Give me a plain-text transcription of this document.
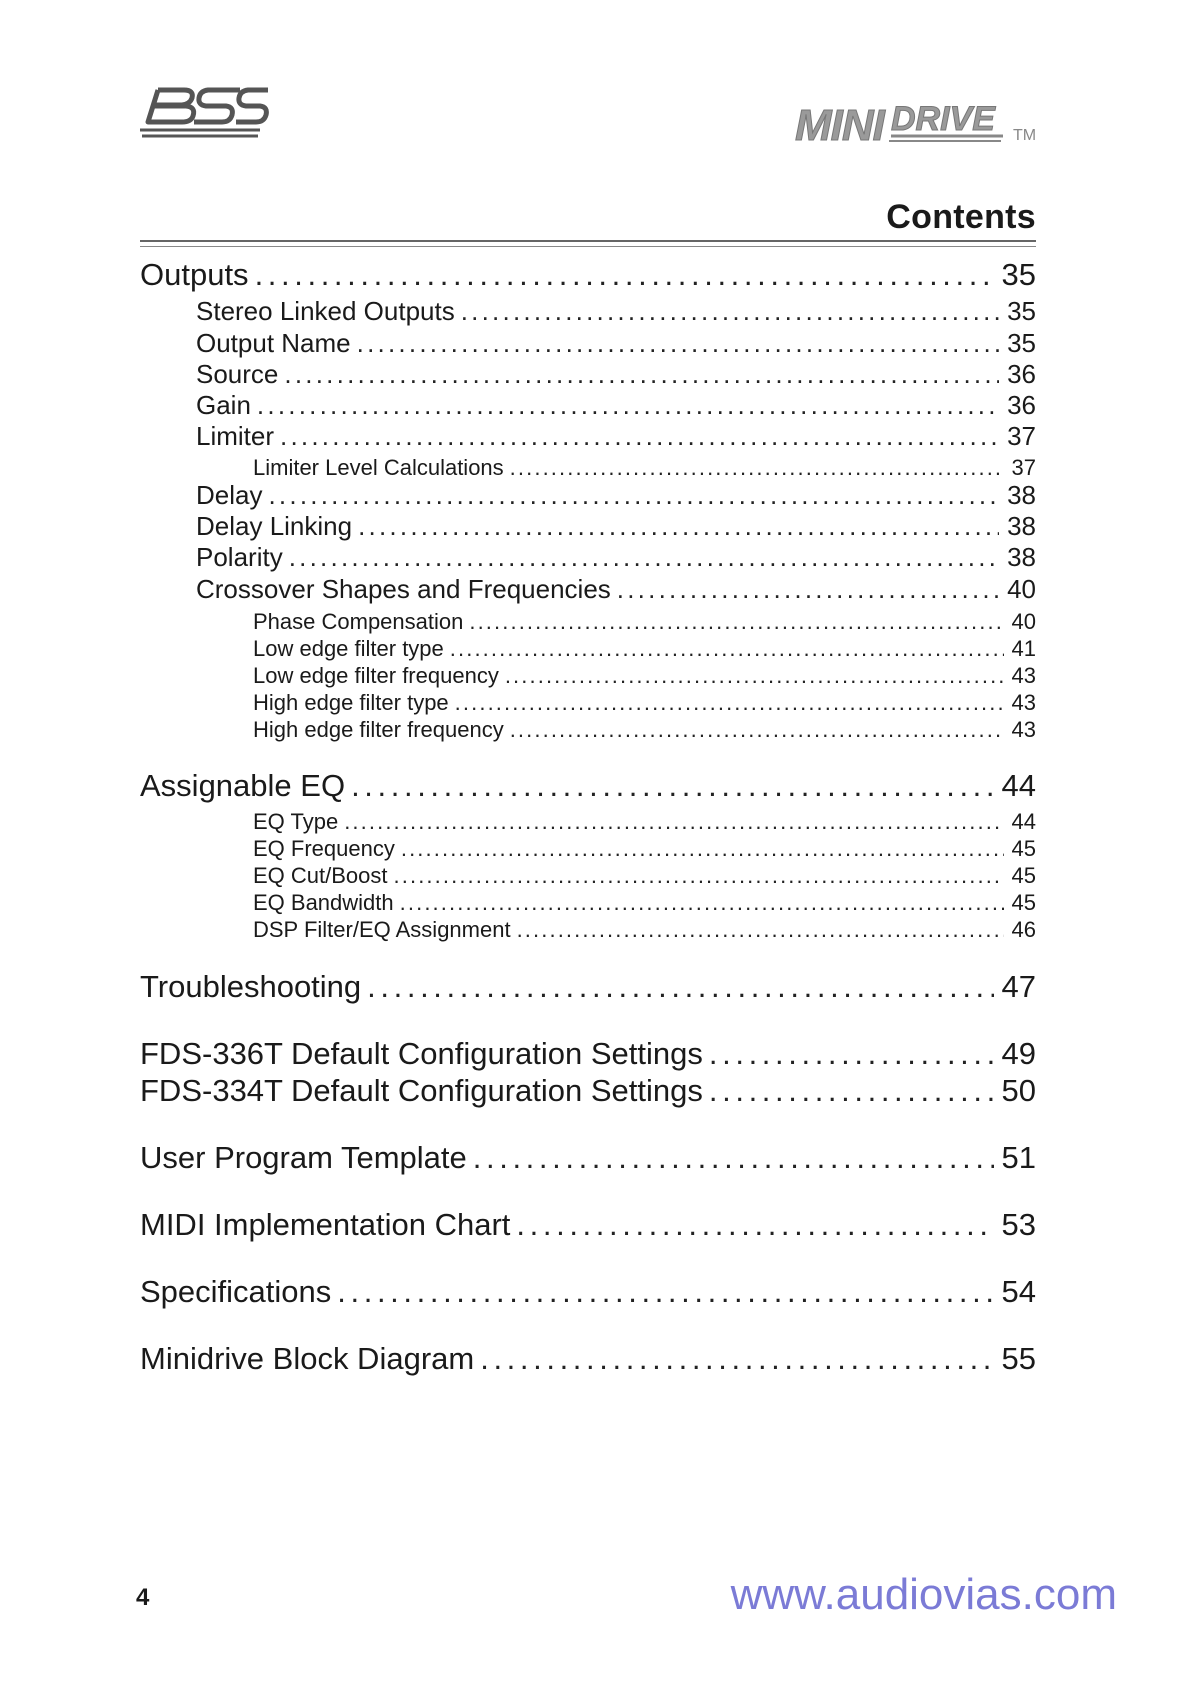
MINI DRIVE TM
Contents
Outputs . . .	35
Stereo Linked Outputs . . .	35
Output Name . . .	35
Source . . .	36
Gain . . .	36
Limiter . . .	37
Limiter Level Calculations . . .	37
Delay . . .	38
Delay Linking . . .	38
Polarity . . .	38
Crossover Shapes and Frequencies . . .	40
Phase Compensation . . .	40
Low edge filter type . . .	41
Low edge filter frequency . . .	43
High edge filter type . . .	43
High edge filter frequency . . .	43
Assignable EQ . . .	44
EQ Type . . .	44
EQ Frequency . . .	45
EQ Cut/Boost . . .	45
EQ Bandwidth . . .	45
DSP Filter/EQ Assignment . . .	46
Troubleshooting . . .	47
FDS-336T Default Configuration Settings . . .	49
FDS-334T Default Configuration Settings . . .	50
User Program Template . . .	51
MIDI Implementation Chart . . .	53
Specifications . . .	54
Minidrive Block Diagram . . .	55
4	www.audiovias.com
